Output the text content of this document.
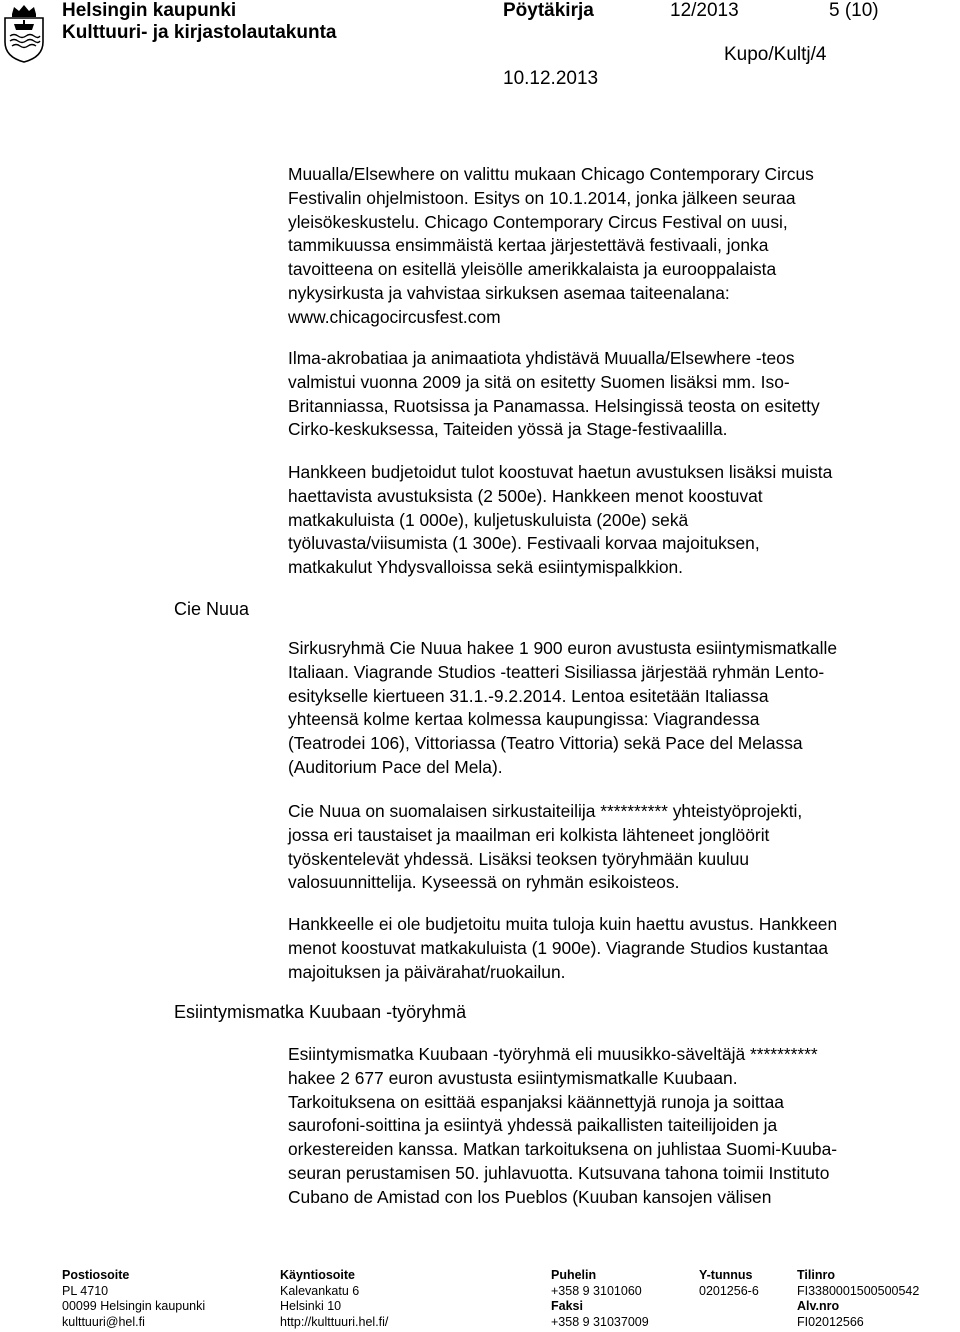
Helsingin kaupunki
Kulttuuri- ja kirjastolautakunta
Pöytäkirja	12/2013	5 (10)
10.12.2013
Kupo/Kultj/4
Cie Nuua
Esiintymismatka Kuubaan -työryhmä
Muualla/Elsewhere on valittu mukaan Chicago Contemporary Circus
Festivalin ohjelmistoon. Esitys on 10.1.2014, jonka jälkeen seuraa
yleisökeskustelu. Chicago Contemporary Circus Festival on uusi,
tammikuussa ensimmäistä kertaa järjestettävä festivaali, jonka
tavoitteena on esitellä yleisölle amerikkalaista ja eurooppalaista
nykysirkusta ja vahvistaa sirkuksen asemaa taiteenalana:
www.chicagocircusfest.com
Ilma-akrobatiaa ja animaatiota yhdistävä Muualla/Elsewhere -teos
valmistui vuonna 2009 ja sitä on esitetty Suomen lisäksi mm. Iso-
Britanniassa, Ruotsissa ja Panamassa. Helsingissä teosta on esitetty
Cirko-keskuksessa, Taiteiden yössä ja Stage-festivaalilla.
Hankkeen budjetoidut tulot koostuvat haetun avustuksen lisäksi muista
haettavista avustuksista (2 500e). Hankkeen menot koostuvat
matkakuluista (1 000e), kuljetuskuluista (200e) sekä
työluvasta/viisumista (1 300e). Festivaali korvaa majoituksen,
matkakulut Yhdysvalloissa sekä esiintymispalkkion.
Sirkusryhmä Cie Nuua hakee 1 900 euron avustusta esiintymismatkalle
Italiaan. Viagrande Studios -teatteri Sisiliassa järjestää ryhmän Lento-
esitykselle kiertueen 31.1.-9.2.2014. Lentoa esitetään Italiassa
yhteensä kolme kertaa kolmessa kaupungissa: Viagrandessa
(Teatrodei 106), Vittoriassa (Teatro Vittoria) sekä Pace del Melassa
(Auditorium Pace del Mela).
Cie Nuua on suomalaisen sirkustaiteilija ********** yhteistyöprojekti,
jossa eri taustaiset ja maailman eri kolkista lähteneet jonglöörit
työskentelevät yhdessä. Lisäksi teoksen työryhmään kuuluu
valosuunnittelija. Kyseessä on ryhmän esikoisteos.
Hankkeelle ei ole budjetoitu muita tuloja kuin haettu avustus. Hankkeen
menot koostuvat matkakuluista (1 900e). Viagrande Studios kustantaa
majoituksen ja päivärahat/ruokailun.
Esiintymismatka Kuubaan -työryhmä eli muusikko-säveltäjä **********
hakee 2 677 euron avustusta esiintymismatkalle Kuubaan.
Tarkoituksena on esittää espanjaksi käännettyjä runoja ja soittaa
saurofoni-soittina ja esiintyä yhdessä paikallisten taiteilijoiden ja
orkestereiden kanssa. Matkan tarkoituksena on juhlistaa Suomi-Kuuba-
seuran perustamisen 50. juhlavuotta. Kutsuvana tahona toimii Instituto
Cubano de Amistad con los Pueblos (Kuuban kansojen välisen
Postiosoite
PL 4710
00099 Helsingin kaupunki
kulttuuri@hel.fi
Käyntiosoite
Kalevankatu 6
Helsinki 10
http://kulttuuri.hel.fi/
Puhelin
+358 9 3101060
Faksi
+358 9 31037009
Y-tunnus
0201256-6
Tilinro
FI3380001500500542
Alv.nro
FI02012566
